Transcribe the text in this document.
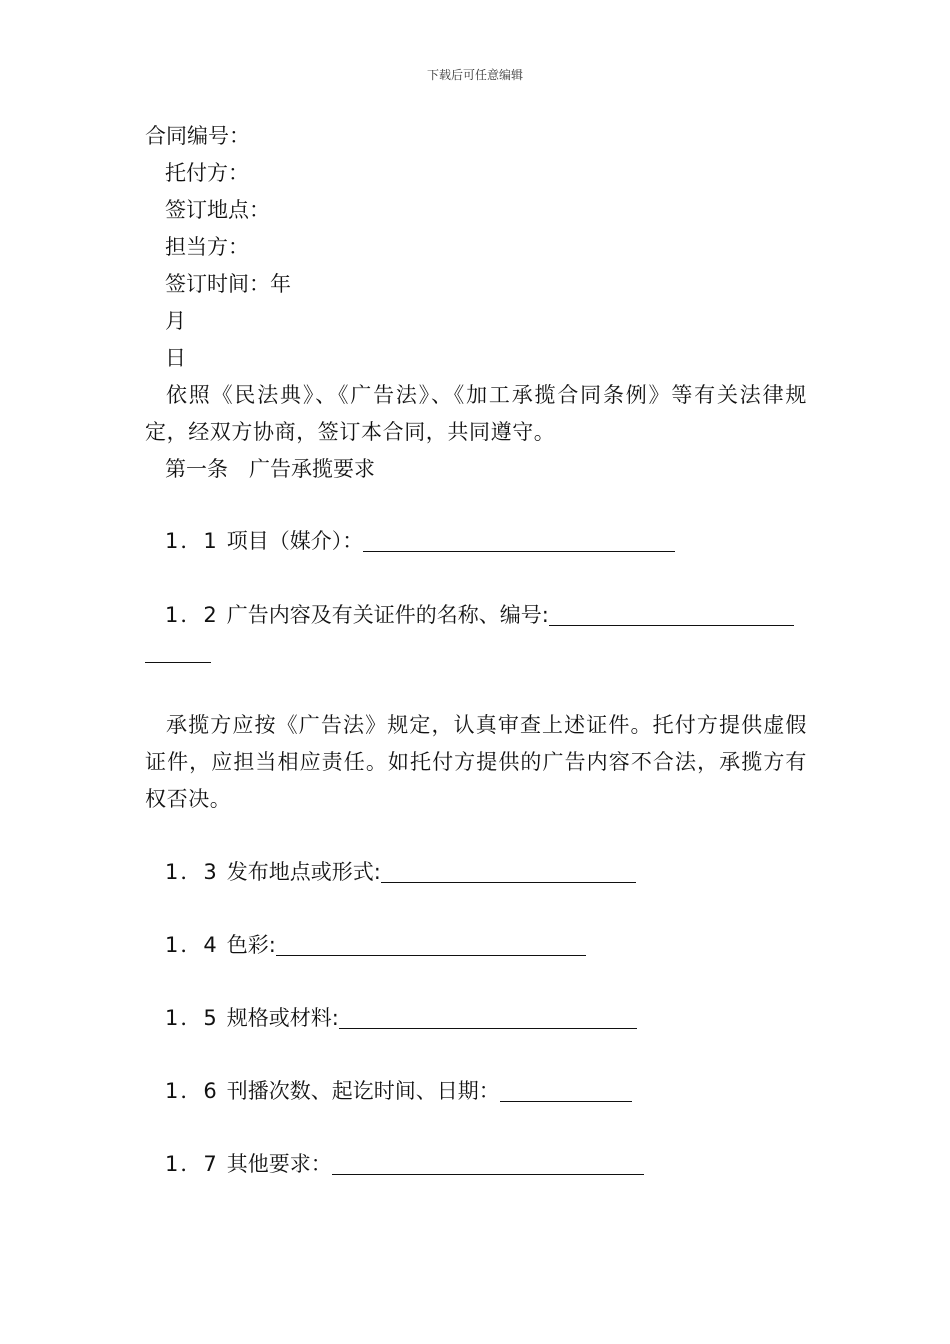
下载后可任意编辑
合同编号：
托付方：
签订地点：
担当方：
签订时间：年
月
日
依照《民法典》、《广告法》、《加工承揽合同条例》等有关法律规定，经双方协商，签订本合同，共同遵守。
第一条　广告承揽要求
1．1 项目（媒介）：
1．2 广告内容及有关证件的名称、编号:
承揽方应按《广告法》规定，认真审查上述证件。托付方提供虚假证件，应担当相应责任。如托付方提供的广告内容不合法，承揽方有权否决。
1．3 发布地点或形式:
1．4 色彩:
1．5 规格或材料:
1．6 刊播次数、起讫时间、日期：
1．7 其他要求：
